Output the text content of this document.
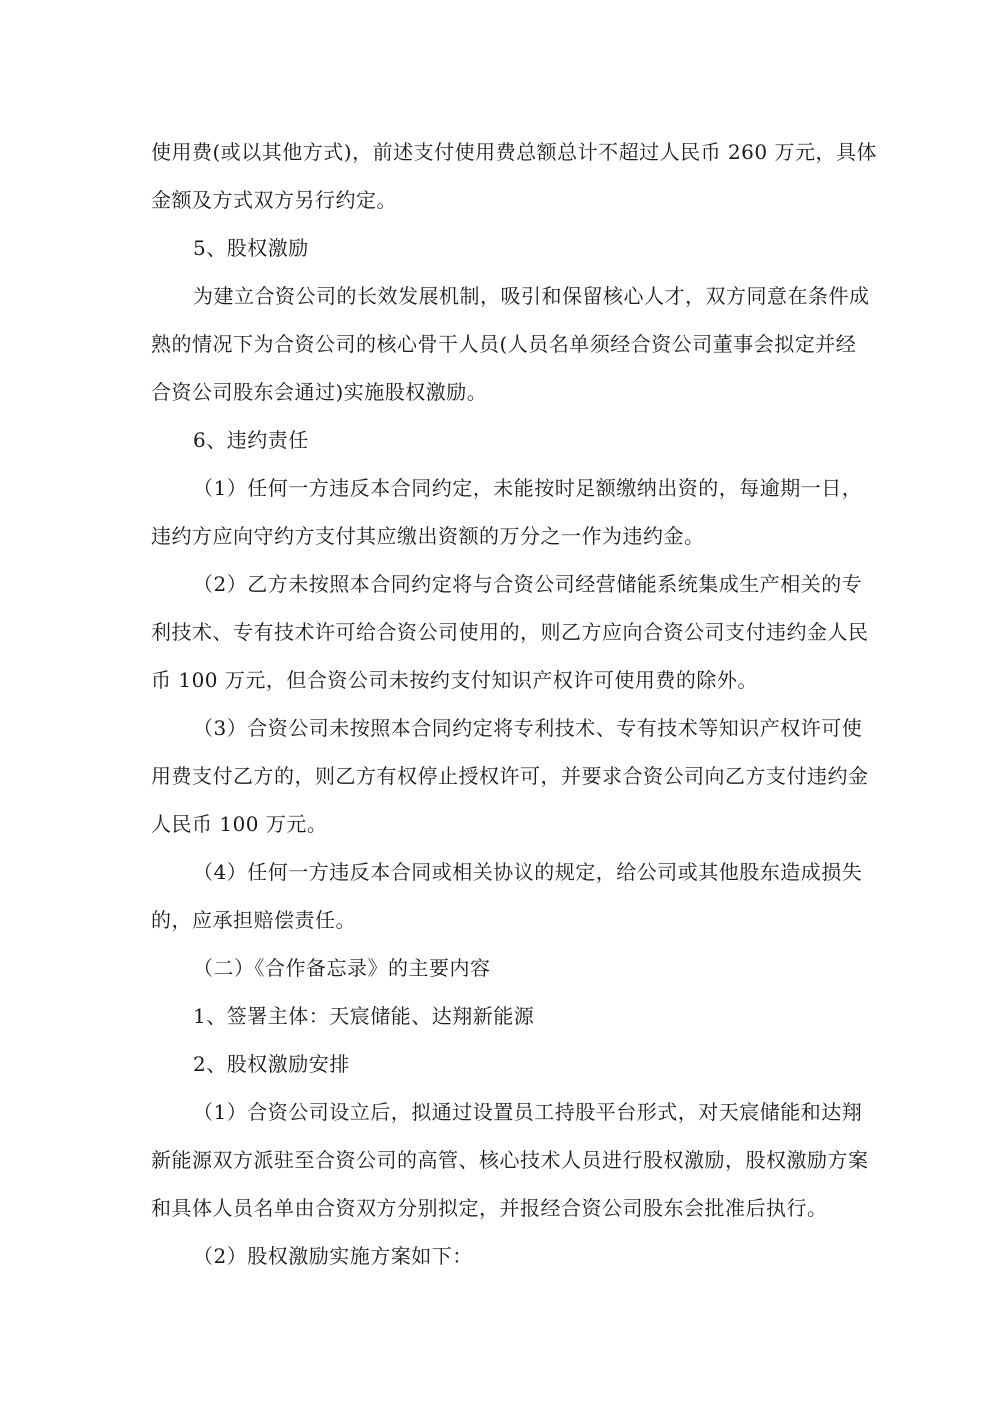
使用费(或以其他方式)，前述支付使用费总额总计不超过人民币 260 万元，具体
金额及方式双方另行约定。
5、股权激励
为建立合资公司的长效发展机制，吸引和保留核心人才，双方同意在条件成
熟的情况下为合资公司的核心骨干人员(人员名单须经合资公司董事会拟定并经
合资公司股东会通过)实施股权激励。
6、违约责任
（1）任何一方违反本合同约定，未能按时足额缴纳出资的，每逾期一日，
违约方应向守约方支付其应缴出资额的万分之一作为违约金。
（2）乙方未按照本合同约定将与合资公司经营储能系统集成生产相关的专
利技术、专有技术许可给合资公司使用的，则乙方应向合资公司支付违约金人民
币 100 万元，但合资公司未按约支付知识产权许可使用费的除外。
（3）合资公司未按照本合同约定将专利技术、专有技术等知识产权许可使
用费支付乙方的，则乙方有权停止授权许可，并要求合资公司向乙方支付违约金
人民币 100 万元。
（4）任何一方违反本合同或相关协议的规定，给公司或其他股东造成损失
的，应承担赔偿责任。
（二）《合作备忘录》的主要内容
1、签署主体：天宸储能、达翔新能源
2、股权激励安排
（1）合资公司设立后，拟通过设置员工持股平台形式，对天宸储能和达翔
新能源双方派驻至合资公司的高管、核心技术人员进行股权激励，股权激励方案
和具体人员名单由合资双方分别拟定，并报经合资公司股东会批准后执行。
（2）股权激励实施方案如下：
